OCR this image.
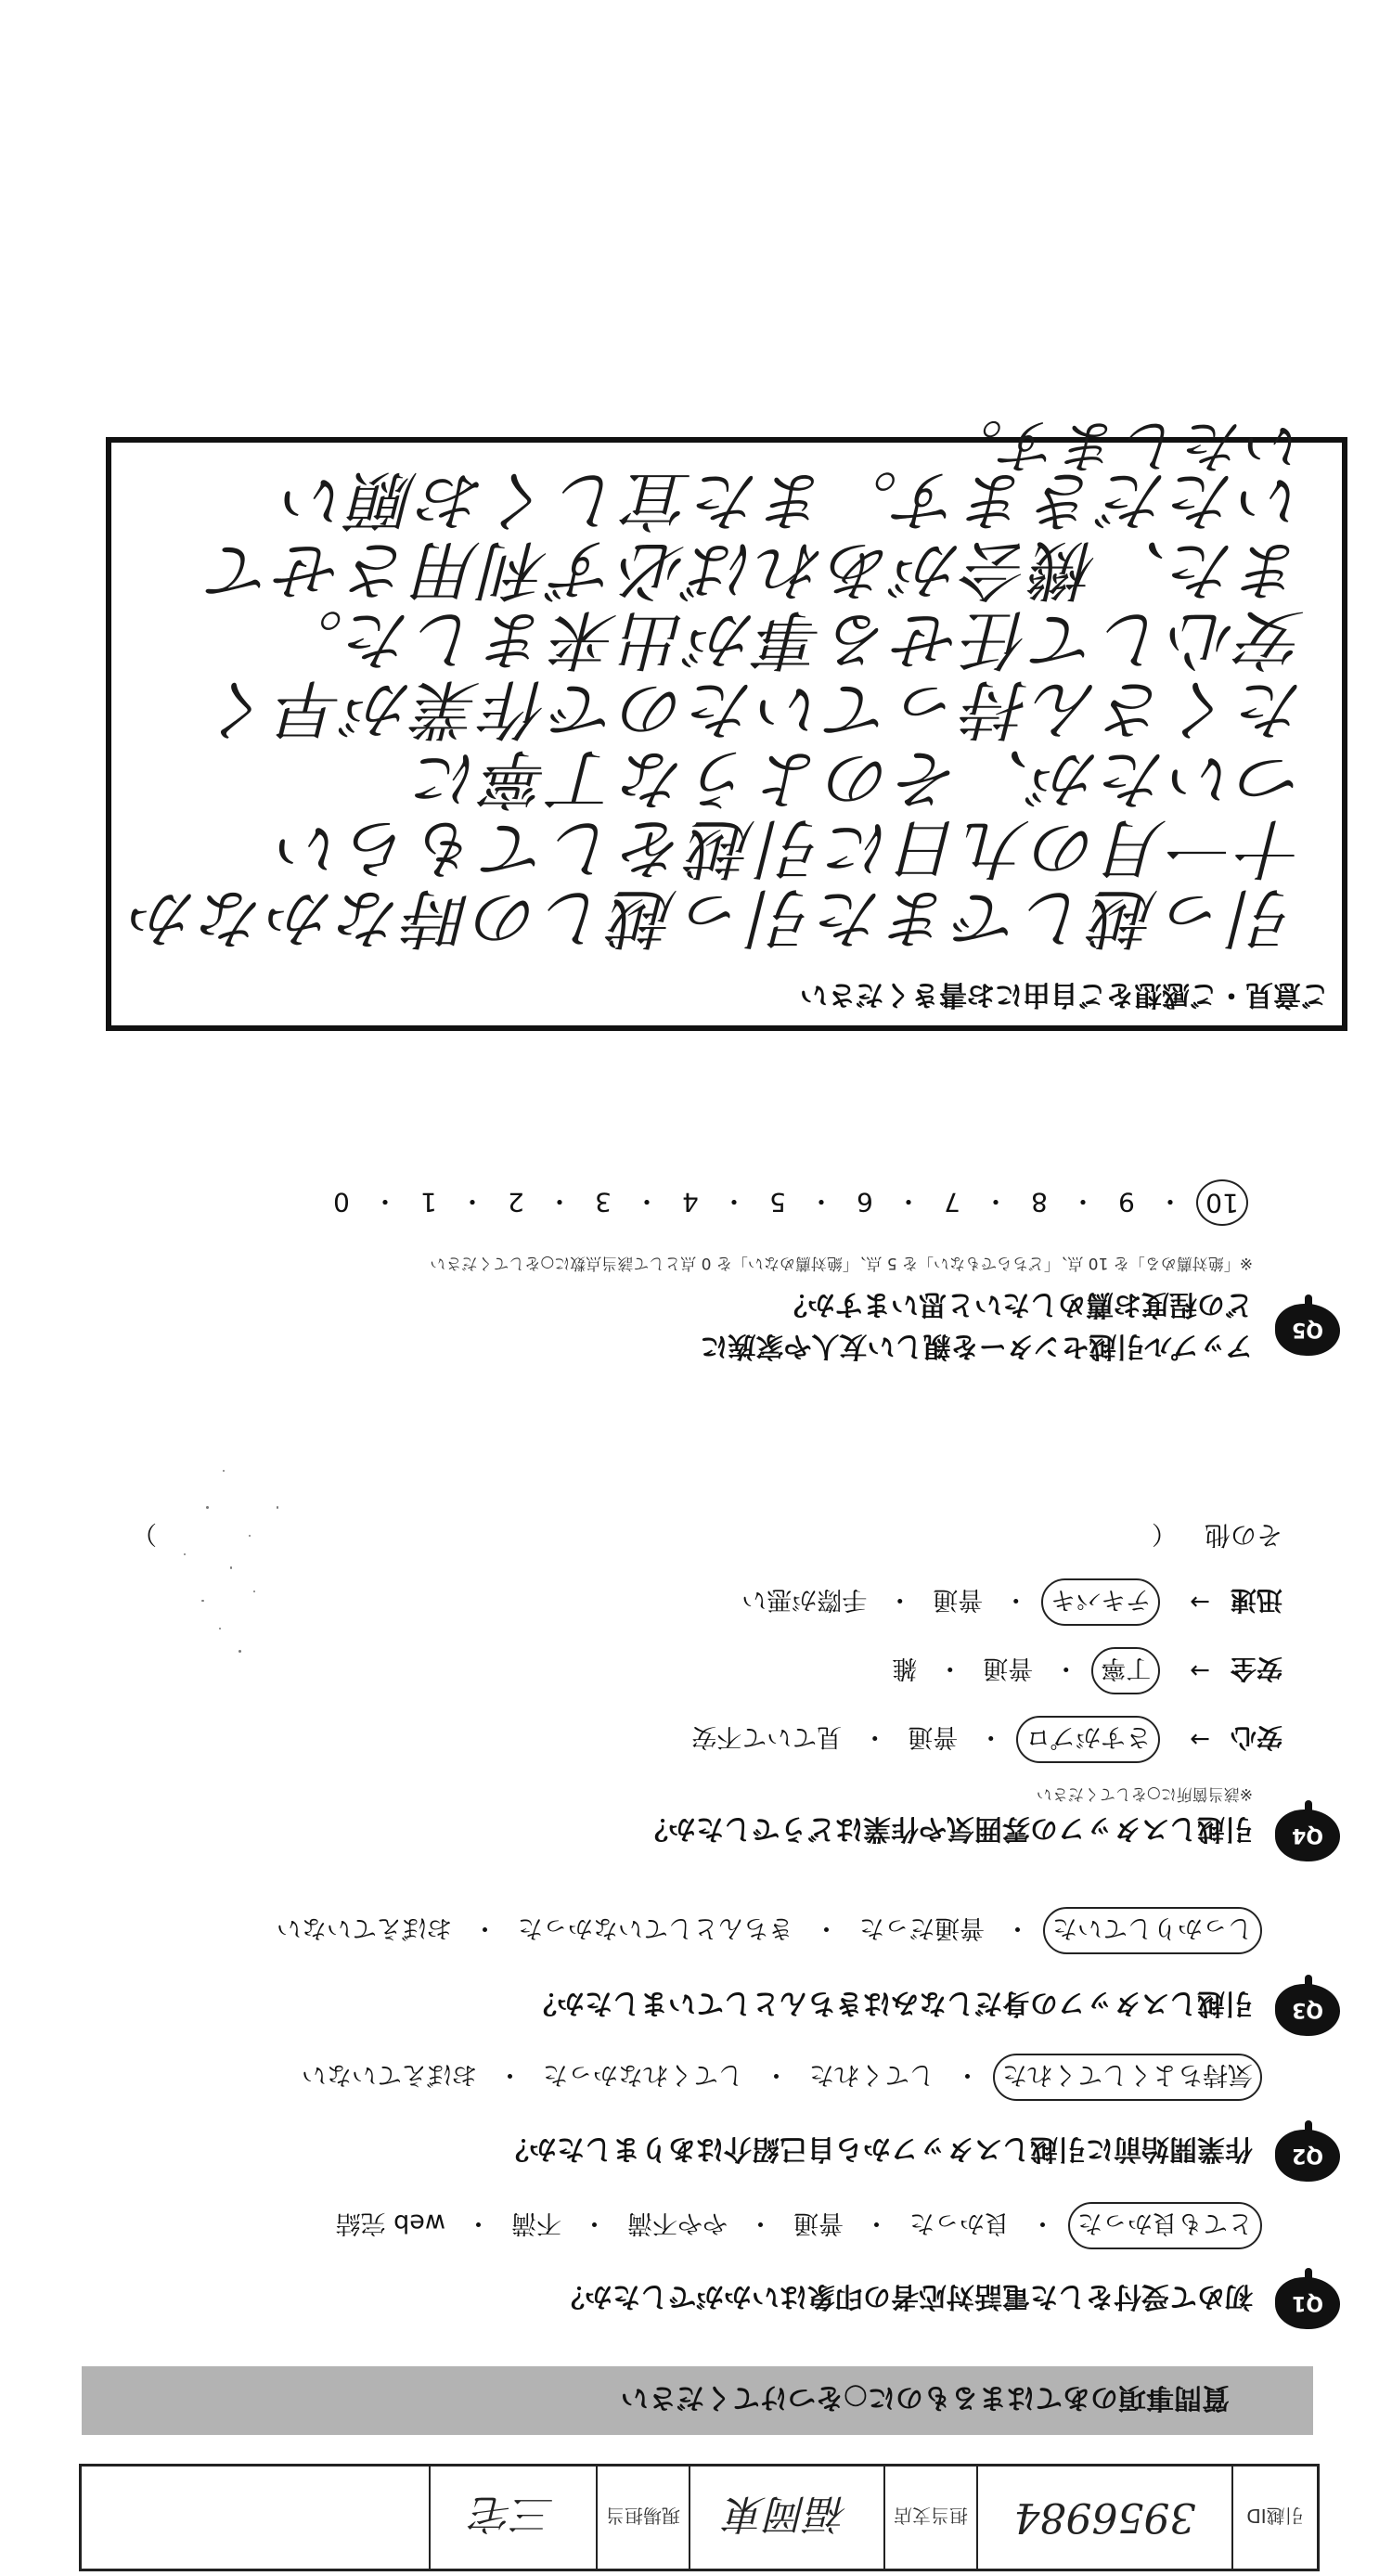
引越ID
3956984
担当支店
福岡東
現場担当
三宅
質問事項のあてはまるものに○をつけてください
Q1
初めて受付をした電話対応者の印象はいかがでしたか？
とても良かった
・
良かった
・
普通
・
やや不満
・
不満
・
web 完結
Q2
作業開始前に引越しスタッフから自己紹介はありましたか？
気持ちよくしてくれた
・
してくれた
・
してくれなかった
・
おぼえていない
Q3
引越しスタッフの身だしなみはきちんとしていましたか？
しっかりしていた
・
普通だった
・
きちんとしていなかった
・
おぼえていない
Q4
引越しスタッフの雰囲気や作業はどうでしたか？
※該当箇所に○をしてください
安心
→
さすがプロ
・
普通
・
見ていて不安
安全
→
丁寧
・
普通
・
雑
迅速
→
テキパキ
・
普通
・
手際が悪い
その他
（
）
Q5
アップル引越センターを親しい友人や家族に
どの程度お薦めしたいと思いますか？
※「絶対薦める」を 10 点、「どちらでもない」を 5 点、「絶対薦めない」を 0 点として該当点数に○をしてください
10
・
9
・
8
・
7
・
6
・
5
・
4
・
3
・
2
・
1
・
0
ご意見・ご感想をご自由にお書きください
引っ越しでまた引っ越しの時なかなか
十一月の九日に引越をしてもらい
ついたが、そのような丁寧に
たくさん持っていたので作業が早く
安心して任せる事が出来ました。
また、機会があれば必ず利用させて
いただきます。また宜しくお願い
いたします。
